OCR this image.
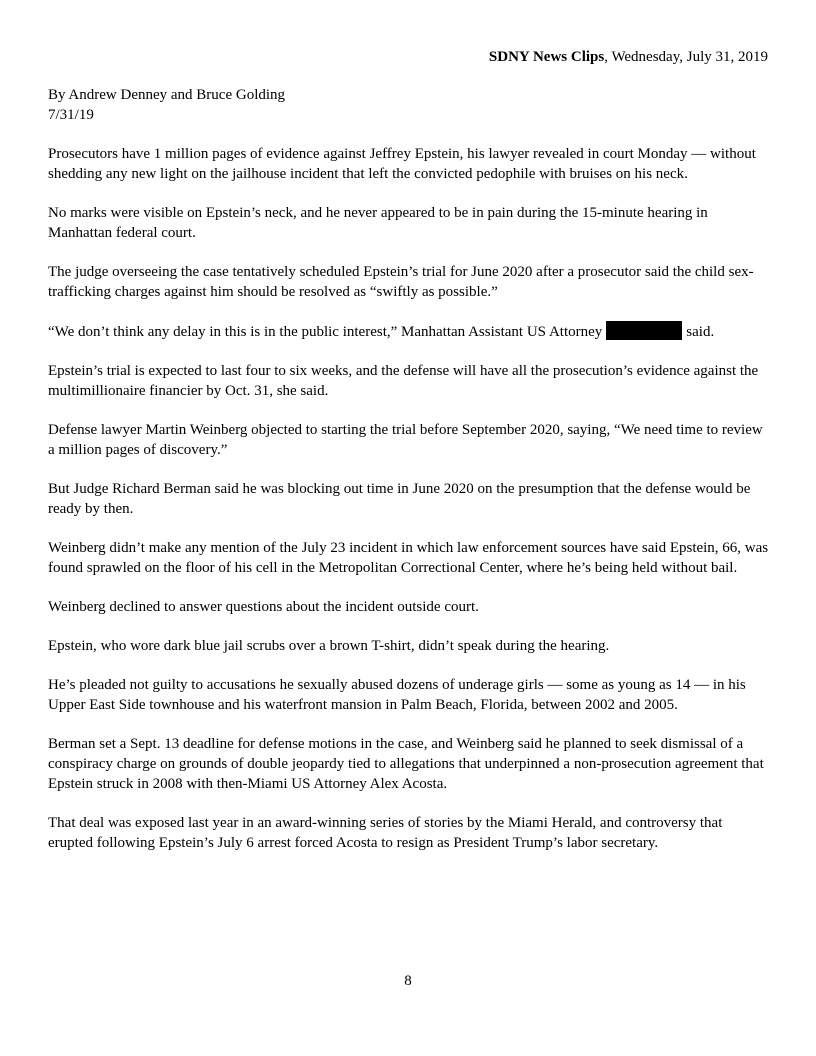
SDNY News Clips, Wednesday, July 31, 2019

By Andrew Denney and Bruce Golding

7/31/19

Prosecutors have 1 million pages of evidence against Jeffrey Epstein, his lawyer revealed in court Monday — without shedding any new light on the jailhouse incident that left the convicted pedophile with bruises on his neck.

No marks were visible on Epstein’s neck, and he never appeared to be in pain during the 15-minute hearing in Manhattan federal court.

The judge overseeing the case tentatively scheduled Epstein’s trial for June 2020 after a prosecutor said the child sex-trafficking charges against him should be resolved as “swiftly as possible.”

“We don’t think any delay in this is in the public interest,” Manhattan Assistant US Attorney	said.

Epstein’s trial is expected to last four to six weeks, and the defense will have all the prosecution’s evidence against the multimillionaire financier by Oct. 31, she said.

Defense lawyer Martin Weinberg objected to starting the trial before September 2020, saying, “We need time to review a million pages of discovery.”

But Judge Richard Berman said he was blocking out time in June 2020 on the presumption that the defense would be ready by then.

Weinberg didn’t make any mention of the July 23 incident in which law enforcement sources have said Epstein, 66, was found sprawled on the floor of his cell in the Metropolitan Correctional Center, where he’s being held without bail.

Weinberg declined to answer questions about the incident outside court.

Epstein, who wore dark blue jail scrubs over a brown T-shirt, didn’t speak during the hearing.

He’s pleaded not guilty to accusations he sexually abused dozens of underage girls — some as young as 14 — in his Upper East Side townhouse and his waterfront mansion in Palm Beach, Florida, between 2002 and 2005.

Berman set a Sept. 13 deadline for defense motions in the case, and Weinberg said he planned to seek dismissal of a conspiracy charge on grounds of double jeopardy tied to allegations that underpinned a non-prosecution agreement that Epstein struck in 2008 with then-Miami US Attorney Alex Acosta.

That deal was exposed last year in an award-winning series of stories by the Miami Herald, and controversy that erupted following Epstein’s July 6 arrest forced Acosta to resign as President Trump’s labor secretary.

8
